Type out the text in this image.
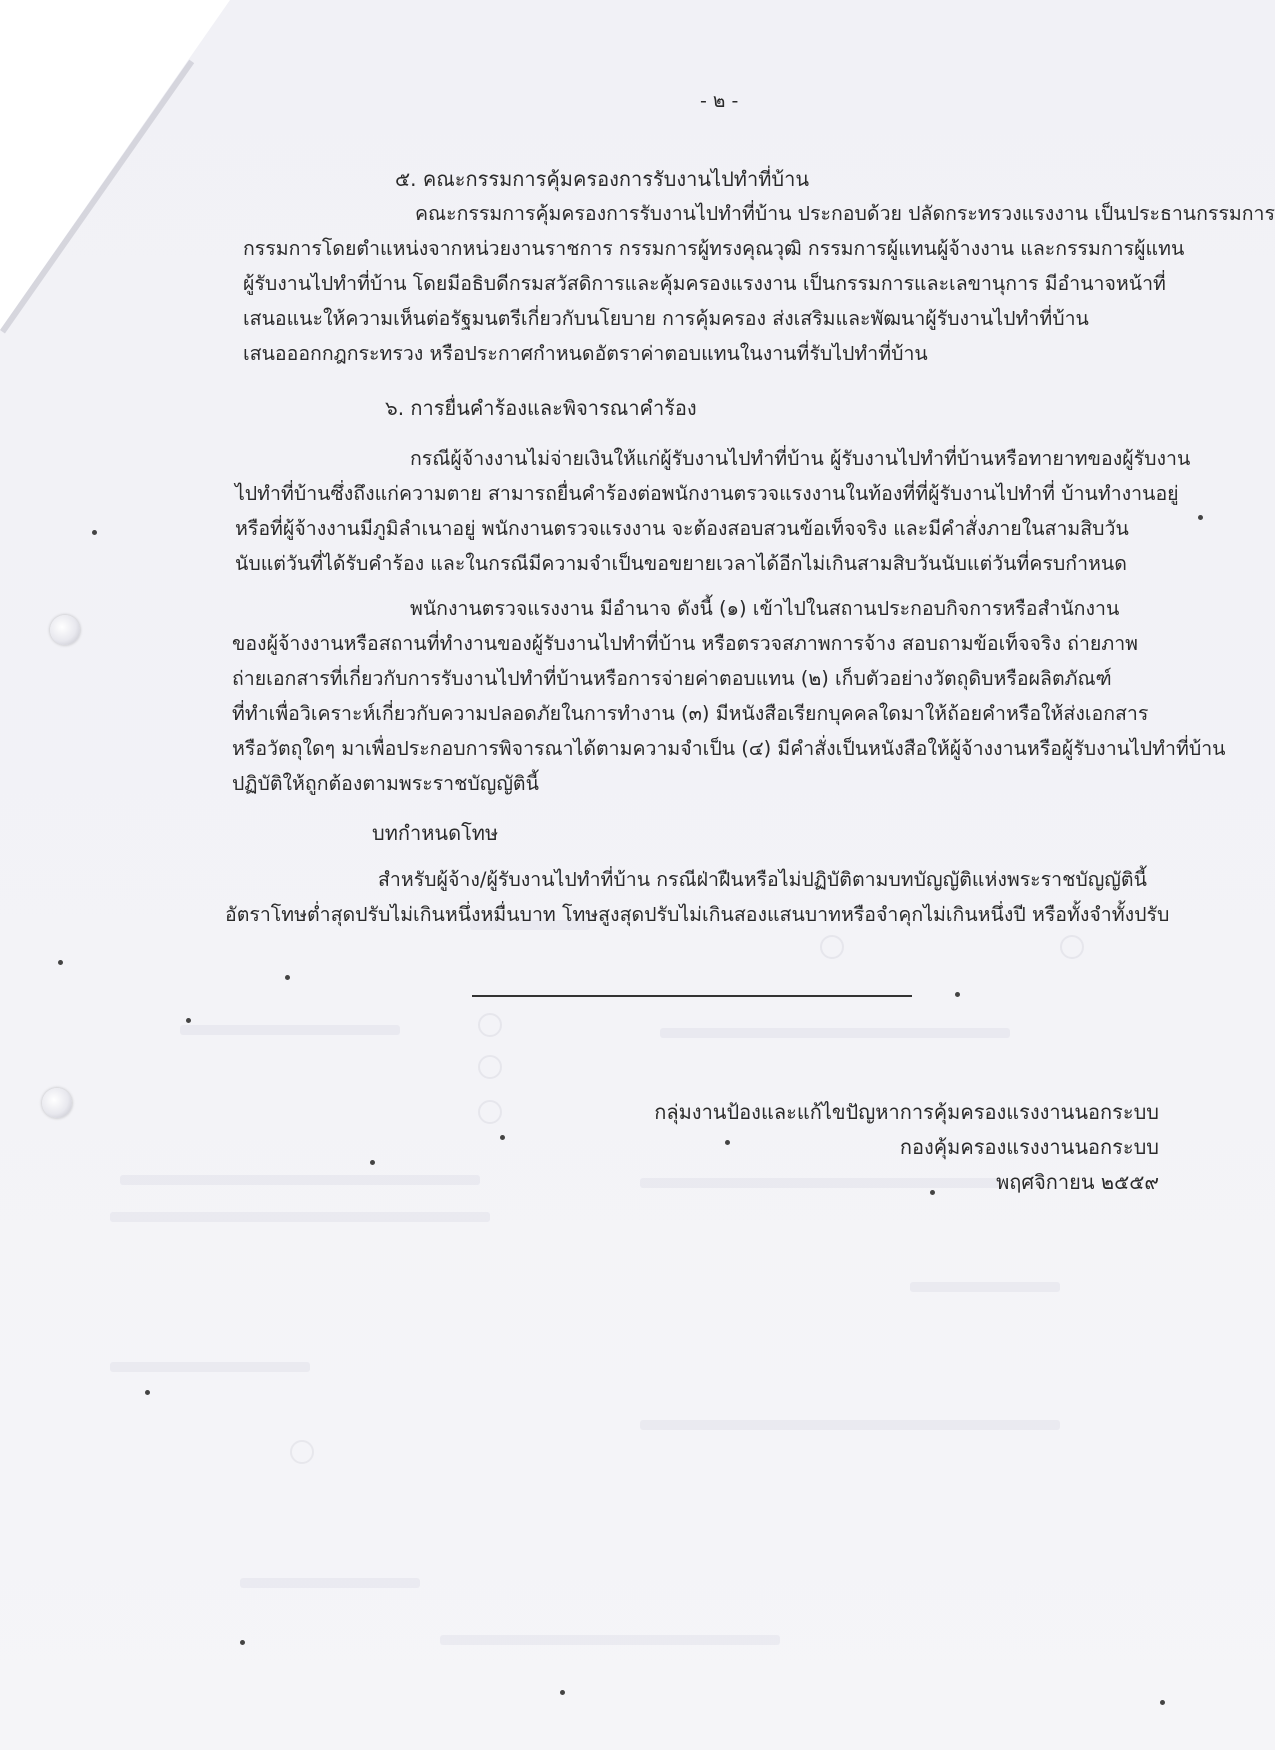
- ๒ -
๕. คณะกรรมการคุ้มครองการรับงานไปทำที่บ้าน
คณะกรรมการคุ้มครองการรับงานไปทำที่บ้าน ประกอบด้วย ปลัดกระทรวงแรงงาน เป็นประธานกรรมการ
กรรมการโดยตำแหน่งจากหน่วยงานราชการ กรรมการผู้ทรงคุณวุฒิ กรรมการผู้แทนผู้จ้างงาน และกรรมการผู้แทน
ผู้รับงานไปทำที่บ้าน โดยมีอธิบดีกรมสวัสดิการและคุ้มครองแรงงาน เป็นกรรมการและเลขานุการ มีอำนาจหน้าที่
เสนอแนะให้ความเห็นต่อรัฐมนตรีเกี่ยวกับนโยบาย การคุ้มครอง ส่งเสริมและพัฒนาผู้รับงานไปทำที่บ้าน
เสนอออกกฎกระทรวง หรือประกาศกำหนดอัตราค่าตอบแทนในงานที่รับไปทำที่บ้าน
๖. การยื่นคำร้องและพิจารณาคำร้อง
กรณีผู้จ้างงานไม่จ่ายเงินให้แก่ผู้รับงานไปทำที่บ้าน ผู้รับงานไปทำที่บ้านหรือทายาทของผู้รับงาน
ไปทำที่บ้านซึ่งถึงแก่ความตาย สามารถยื่นคำร้องต่อพนักงานตรวจแรงงานในท้องที่ที่ผู้รับงานไปทำที่ บ้านทำงานอยู่
หรือที่ผู้จ้างงานมีภูมิลำเนาอยู่ พนักงานตรวจแรงงาน จะต้องสอบสวนข้อเท็จจริง และมีคำสั่งภายในสามสิบวัน
นับแต่วันที่ได้รับคำร้อง และในกรณีมีความจำเป็นขอขยายเวลาได้อีกไม่เกินสามสิบวันนับแต่วันที่ครบกำหนด
พนักงานตรวจแรงงาน มีอำนาจ ดังนี้ (๑) เข้าไปในสถานประกอบกิจการหรือสำนักงาน
ของผู้จ้างงานหรือสถานที่ทำงานของผู้รับงานไปทำที่บ้าน หรือตรวจสภาพการจ้าง สอบถามข้อเท็จจริง ถ่ายภาพ
ถ่ายเอกสารที่เกี่ยวกับการรับงานไปทำที่บ้านหรือการจ่ายค่าตอบแทน (๒) เก็บตัวอย่างวัตถุดิบหรือผลิตภัณฑ์
ที่ทำเพื่อวิเคราะห์เกี่ยวกับความปลอดภัยในการทำงาน (๓) มีหนังสือเรียกบุคคลใดมาให้ถ้อยคำหรือให้ส่งเอกสาร
หรือวัตถุใดๆ มาเพื่อประกอบการพิจารณาได้ตามความจำเป็น (๔) มีคำสั่งเป็นหนังสือให้ผู้จ้างงานหรือผู้รับงานไปทำที่บ้าน
ปฏิบัติให้ถูกต้องตามพระราชบัญญัตินี้
บทกำหนดโทษ
สำหรับผู้จ้าง/ผู้รับงานไปทำที่บ้าน กรณีฝ่าฝืนหรือไม่ปฏิบัติตามบทบัญญัติแห่งพระราชบัญญัตินี้
อัตราโทษต่ำสุดปรับไม่เกินหนึ่งหมื่นบาท โทษสูงสุดปรับไม่เกินสองแสนบาทหรือจำคุกไม่เกินหนึ่งปี หรือทั้งจำทั้งปรับ
กลุ่มงานป้องและแก้ไขปัญหาการคุ้มครองแรงงานนอกระบบ
กองคุ้มครองแรงงานนอกระบบ
พฤศจิกายน ๒๕๕๙
